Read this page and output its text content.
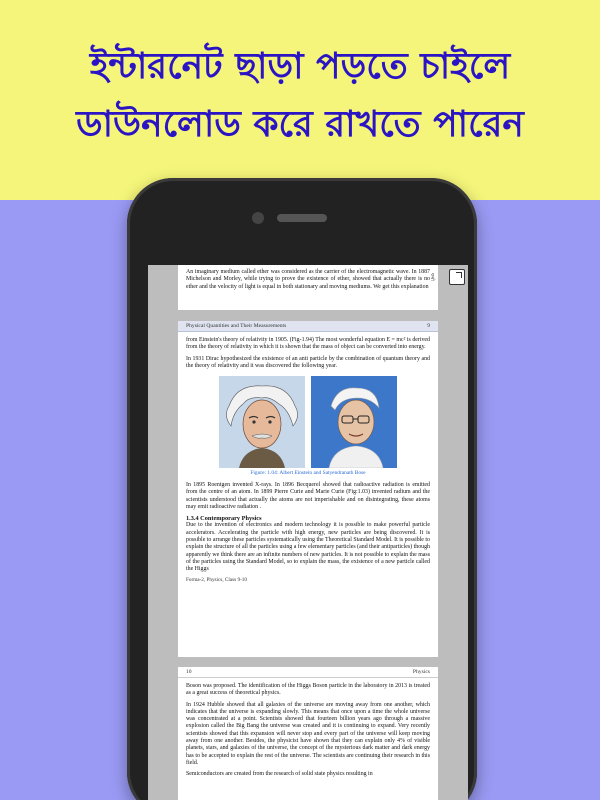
ইন্টারনেট ছাড়া পড়তে চাইলে
ডাউনলোড করে রাখতে পারেন
An imaginary medium called ether was considered as the carrier of the electromagnetic wave. In 1887 Michelson and Morley, while trying to prove the existence of ether, showed that actually there is no ether and the velocity of light is equal in both stationary and moving mediums. We get this explanation
ফর্মা
Physical Quantities and Their Measurements	9
from Einstein's theory of relativity in 1905. (Fig-1.94) The most wonderful equation E = mc² is derived from the theory of relativity in which it is shown that the mass of object can be converted into energy.
In 1931 Dirac hypothesized the existence of an anti particle by the combination of quantum theory and the theory of relativity and it was discovered the following year.
Figure: 1.04: Albert Einstein and Satyendranath Bose
In 1895 Roentgen invented X-rays. In 1896 Becquerel showed that radioactive radiation is emitted from the centre of an atom. In 1899 Pierre Curie and Marie Curie (Fig:1.03) invented radium and the scientists understood that actually the atoms are not imperishable and on disintegrating, these atoms may emit radioactive radiation .
1.3.4 Contemporary Physics
Due to the invention of electronics and modern technology it is possible to make powerful particle accelerators. Accelerating the particle with high energy, new particles are being discovered. It is possible to arrange these particles systematically using the Theoretical Standard Model. It is possible to explain the structure of all the particles using a few elementary particles (and their antiparticles) though apparently we think there are an infinite numbers of new particles. It is not possible to explain the mass of the particles using the Standard Model, so to explain the mass, the existence of a new particle called the Higgs
Forma-2, Physics, Class 9-10
10	Physics
Boson was proposed. The identification of the Higgs Boson particle in the laboratory in 2013 is treated as a great success of theoretical physics.
In 1924 Hubble showed that all galaxies of the universe are moving away from one another, which indicates that the universe is expanding slowly. This means that once upon a time the whole universe was concentrated at a point. Scientists showed that fourteen billion years ago through a massive explosion called the Big Bang the universe was created and it is continuing to expand. Very recently scientists showed that this expansion will never stop and every part of the universe will keep moving away from one another. Besides, the physicist have shown that they can explain only 4% of visible planets, stars, and galaxies of the universe, the concept of the mysterious dark matter and dark energy has to be accepted to explain the rest of the universe. The scientists are continuing their research in this field.
Semiconductors are created from the research of solid state physics resulting in
